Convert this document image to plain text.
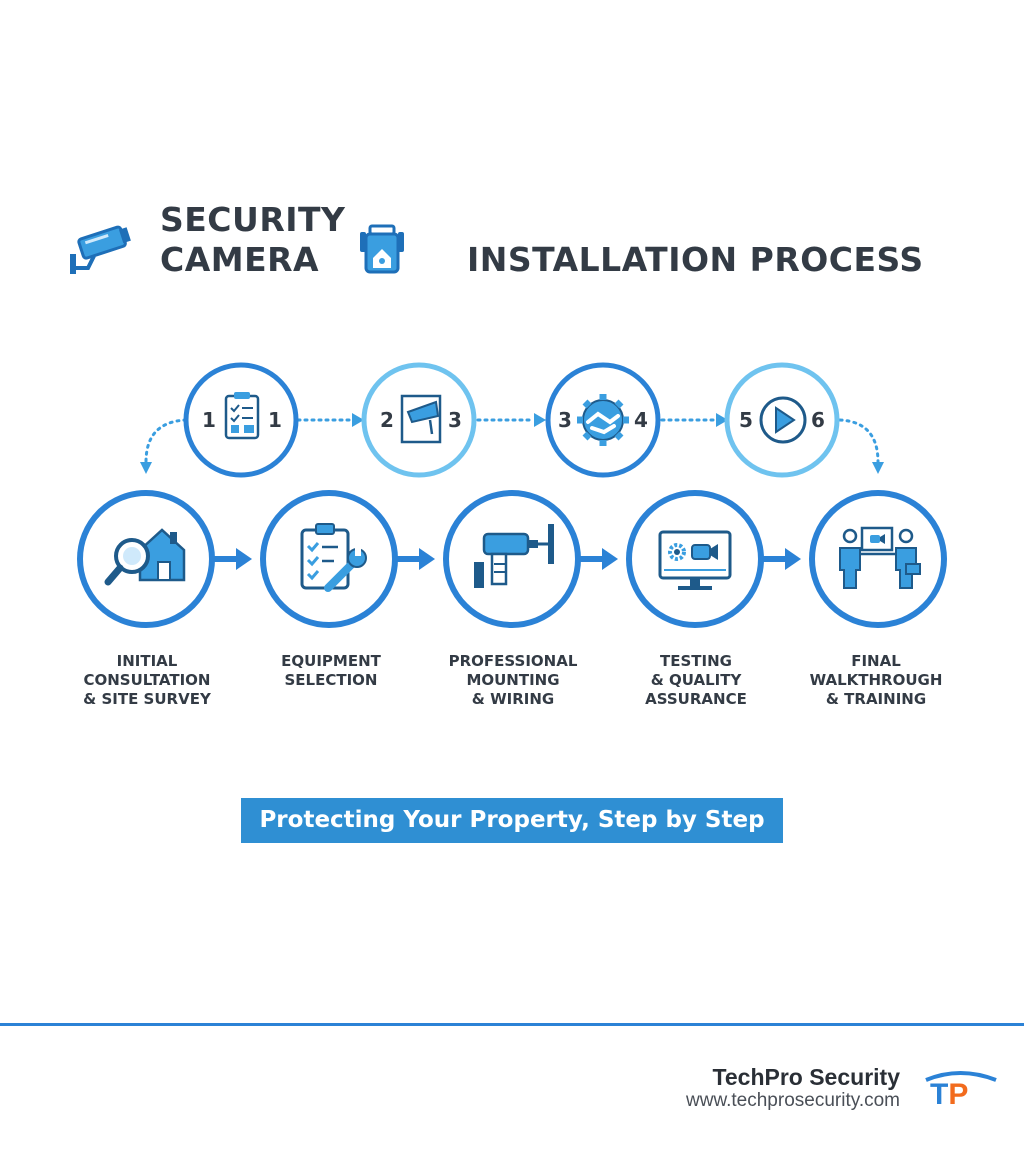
SECURITY
CAMERA	INSTALLATION PROCESS
1	1	2	3	3	4	5	6
INITIAL
CONSULTATION
& SITE SURVEY
EQUIPMENT
SELECTION
PROFESSIONAL
MOUNTING
& WIRING
TESTING
& QUALITY
ASSURANCE
FINAL
WALKTHROUGH
& TRAINING
Protecting Your Property, Step by Step
TechPro Security
www.techprosecurity.com TP
